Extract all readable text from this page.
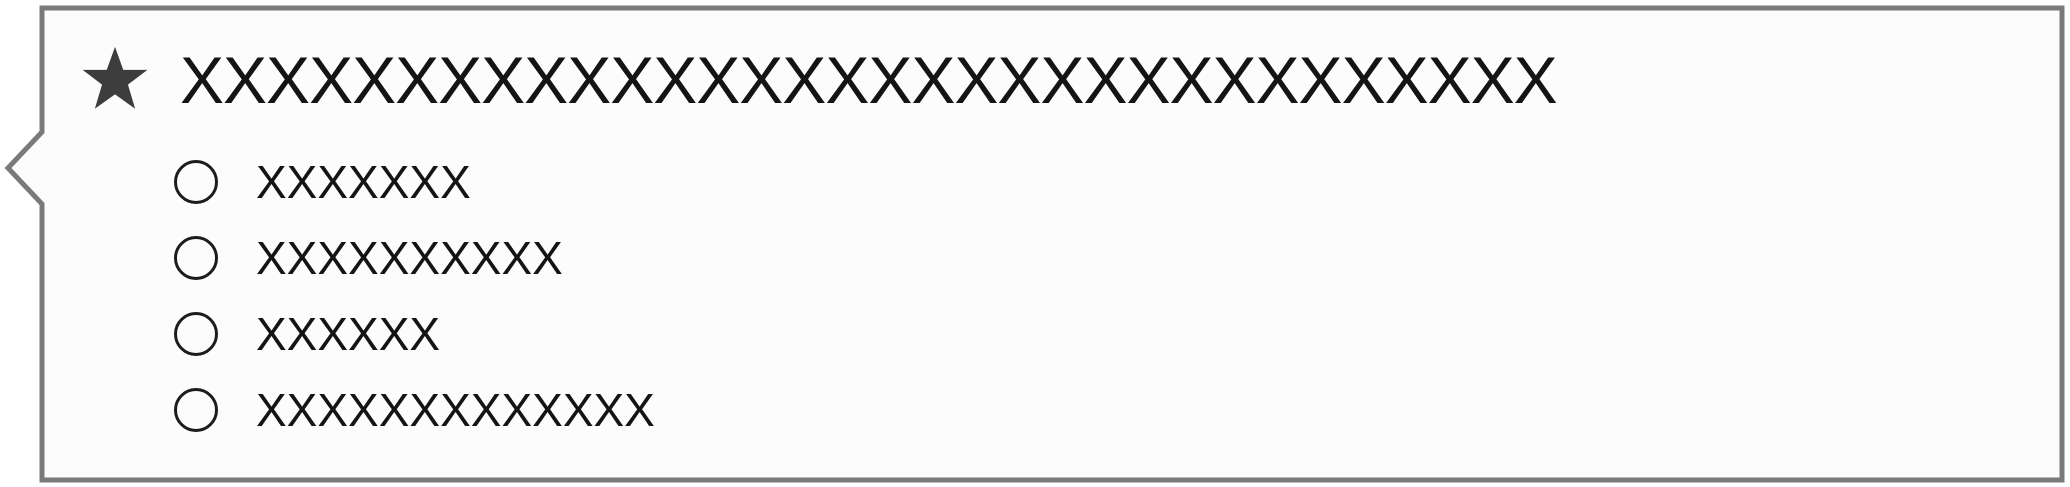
XXXXXXXXXXXXXXXXXXXXXXXXXXXXXXXX
XXXXXXX
XXXXXXXXXX
XXXXXX
XXXXXXXXXXXXX
